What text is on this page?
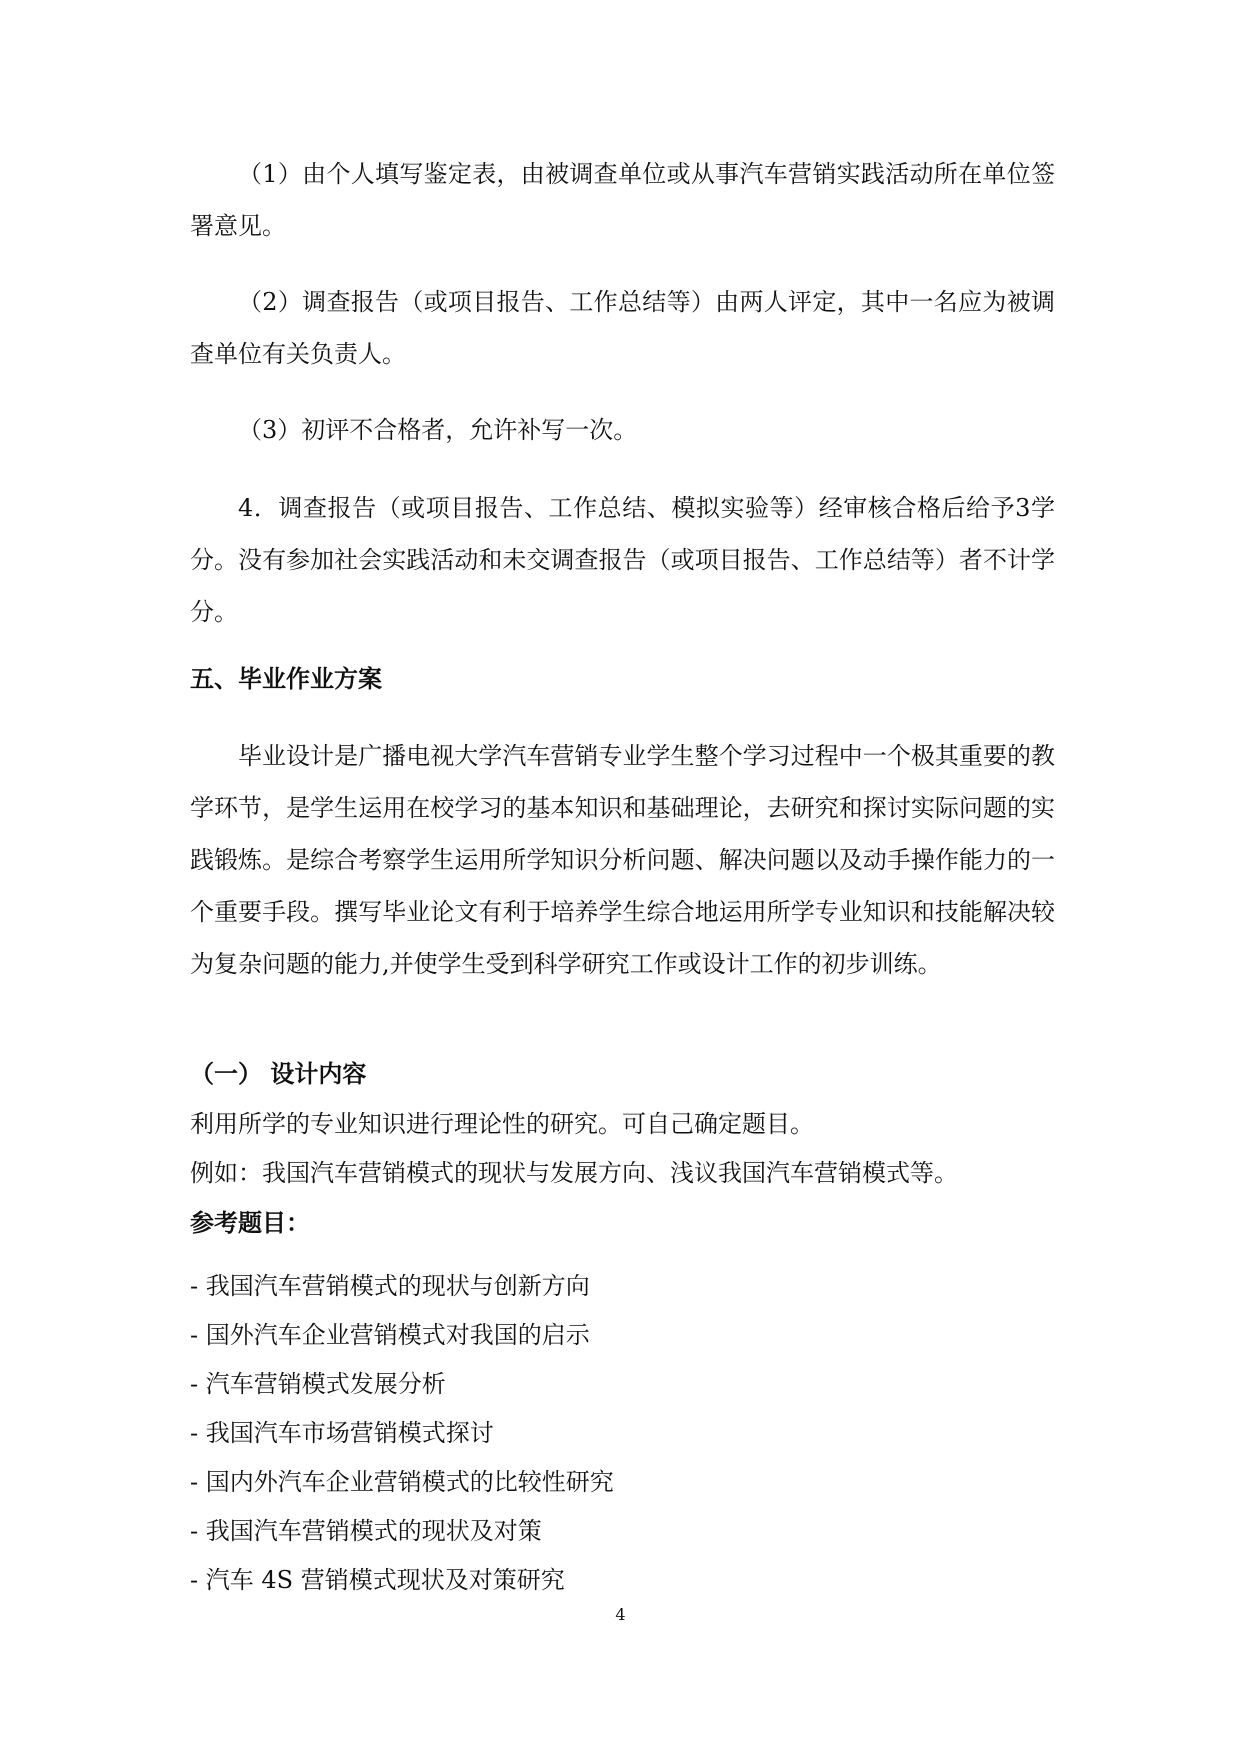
（1）由个人填写鉴定表，由被调查单位或从事汽车营销实践活动所在单位签署意见。

（2）调查报告（或项目报告、工作总结等）由两人评定，其中一名应为被调查单位有关负责人。

（3）初评不合格者，允许补写一次。

4．调查报告（或项目报告、工作总结、模拟实验等）经审核合格后给予3学分。没有参加社会实践活动和未交调查报告（或项目报告、工作总结等）者不计学分。

五、毕业作业方案

毕业设计是广播电视大学汽车营销专业学生整个学习过程中一个极其重要的教学环节，是学生运用在校学习的基本知识和基础理论，去研究和探讨实际问题的实践锻炼。是综合考察学生运用所学知识分析问题、解决问题以及动手操作能力的一个重要手段。撰写毕业论文有利于培养学生综合地运用所学专业知识和技能解决较为复杂问题的能力,并使学生受到科学研究工作或设计工作的初步训练。

（一） 设计内容

利用所学的专业知识进行理论性的研究。可自己确定题目。

例如：我国汽车营销模式的现状与发展方向、浅议我国汽车营销模式等。

参考题目：

- 我国汽车营销模式的现状与创新方向
- 国外汽车企业营销模式对我国的启示
- 汽车营销模式发展分析
- 我国汽车市场营销模式探讨
- 国内外汽车企业营销模式的比较性研究
- 我国汽车营销模式的现状及对策
- 汽车 4S 营销模式现状及对策研究
4
